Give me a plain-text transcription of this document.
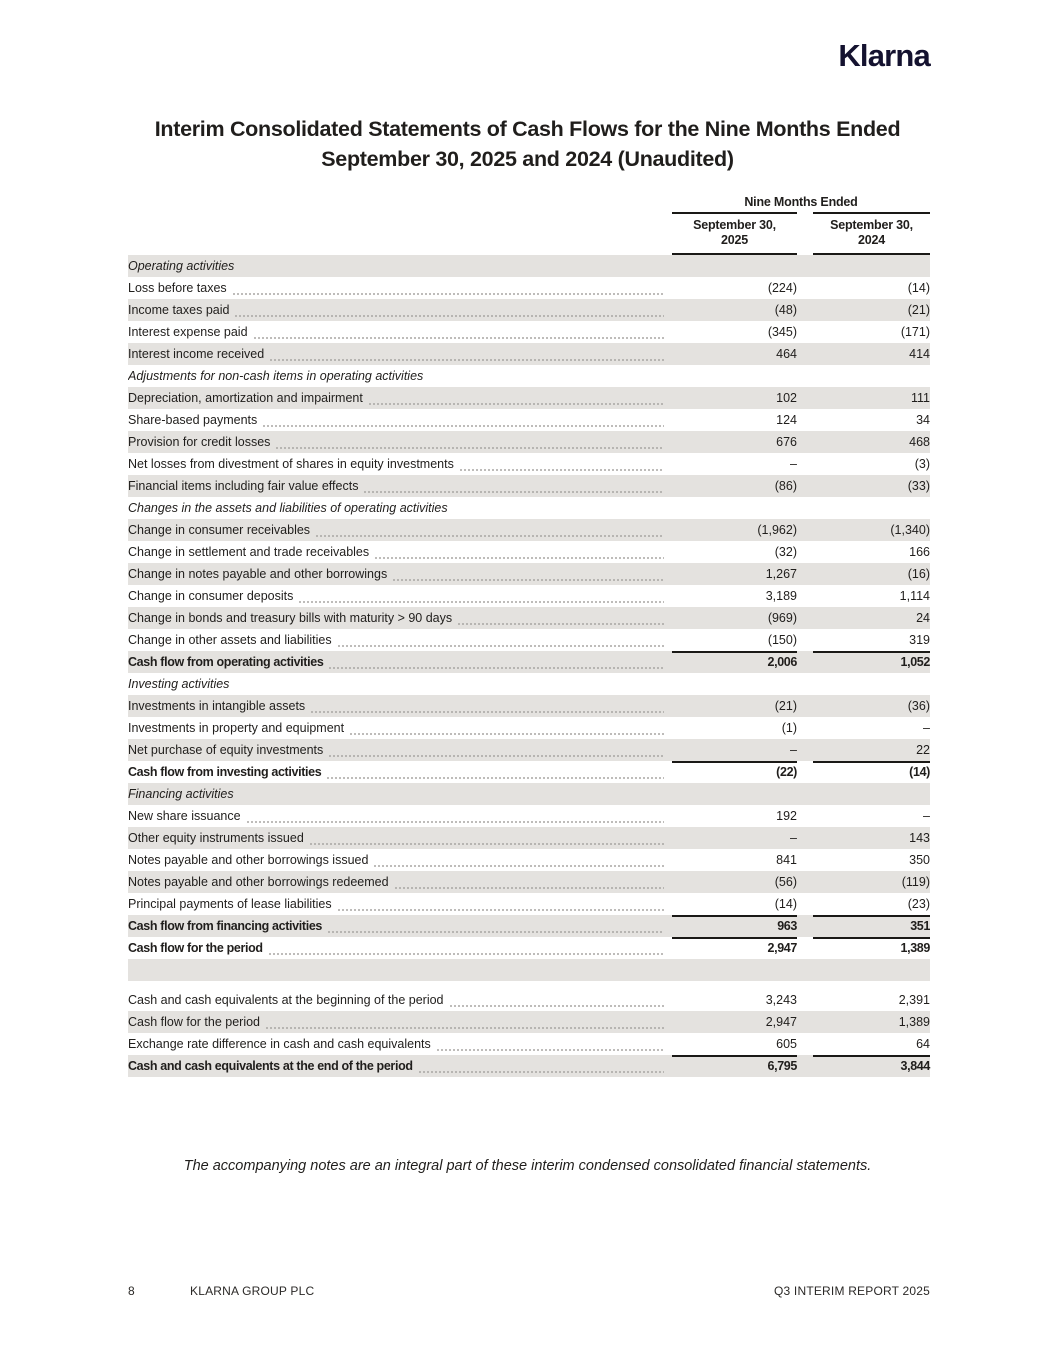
Klarna
Interim Consolidated Statements of Cash Flows for the Nine Months Ended
September 30, 2025 and 2024 (Unaudited)
Nine Months Ended
September 30,
2025
September 30,
2024
Operating activities
Loss before taxes	(224)	(14)
Income taxes paid	(48)	(21)
Interest expense paid	(345)	(171)
Interest income received	464	414
Adjustments for non-cash items in operating activities
Depreciation, amortization and impairment	102	111
Share-based payments	124	34
Provision for credit losses	676	468
Net losses from divestment of shares in equity investments	–	(3)
Financial items including fair value effects	(86)	(33)
Changes in the assets and liabilities of operating activities
Change in consumer receivables	(1,962)	(1,340)
Change in settlement and trade receivables	(32)	166
Change in notes payable and other borrowings	1,267	(16)
Change in consumer deposits	3,189	1,114
Change in bonds and treasury bills with maturity > 90 days	(969)	24
Change in other assets and liabilities	(150)	319
Cash flow from operating activities	2,006	1,052
Investing activities
Investments in intangible assets	(21)	(36)
Investments in property and equipment	(1)	–
Net purchase of equity investments	–	22
Cash flow from investing activities	(22)	(14)
Financing activities
New share issuance	192	–
Other equity instruments issued	–	143
Notes payable and other borrowings issued	841	350
Notes payable and other borrowings redeemed	(56)	(119)
Principal payments of lease liabilities	(14)	(23)
Cash flow from financing activities	963	351
Cash flow for the period	2,947	1,389
Cash and cash equivalents at the beginning of the period	3,243	2,391
Cash flow for the period	2,947	1,389
Exchange rate difference in cash and cash equivalents	605	64
Cash and cash equivalents at the end of the period	6,795	3,844
The accompanying notes are an integral part of these interim condensed consolidated financial statements.
8	KLARNA GROUP PLC	Q3 INTERIM REPORT 2025
